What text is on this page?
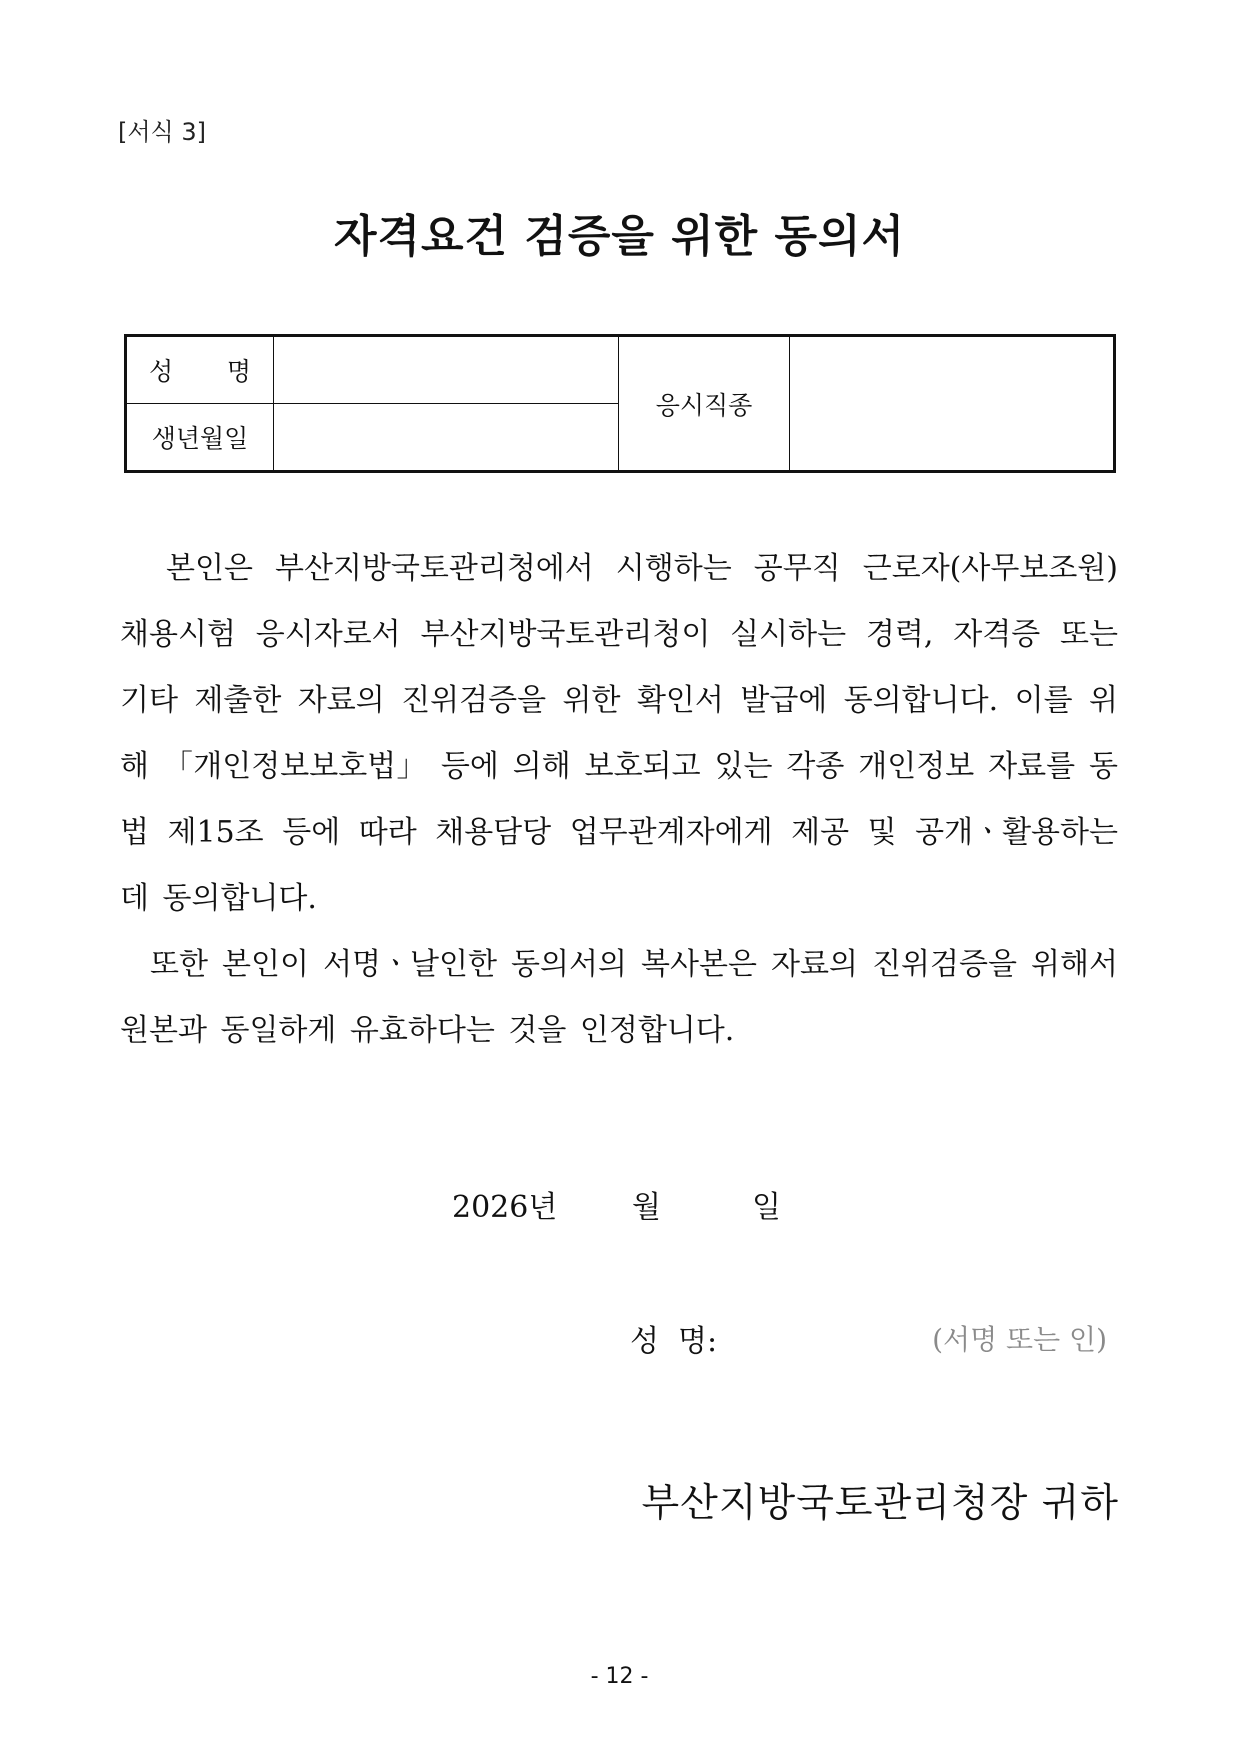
[서식 3]
자격요건 검증을 위한 동의서
성 명		응시직종	
생년월일			
본인은 부산지방국토관리청에서 시행하는 공무직 근로자(사무보조원) 채용시험 응시자로서 부산지방국토관리청이 실시하는 경력, 자격증 또는 기타 제출한 자료의 진위검증을 위한 확인서 발급에 동의합니다. 이를 위해 「개인정보보호법」 등에 의해 보호되고 있는 각종 개인정보 자료를 동법 제15조 등에 따라 채용담당 업무관계자에게 제공 및 공개ㆍ활용하는 데 동의합니다.
또한 본인이 서명ㆍ날인한 동의서의 복사본은 자료의 진위검증을 위해서 원본과 동일하게 유효하다는 것을 인정합니다.
2026년 월	일
성  명:	(서명 또는 인)
부산지방국토관리청장 귀하
- 12 -
